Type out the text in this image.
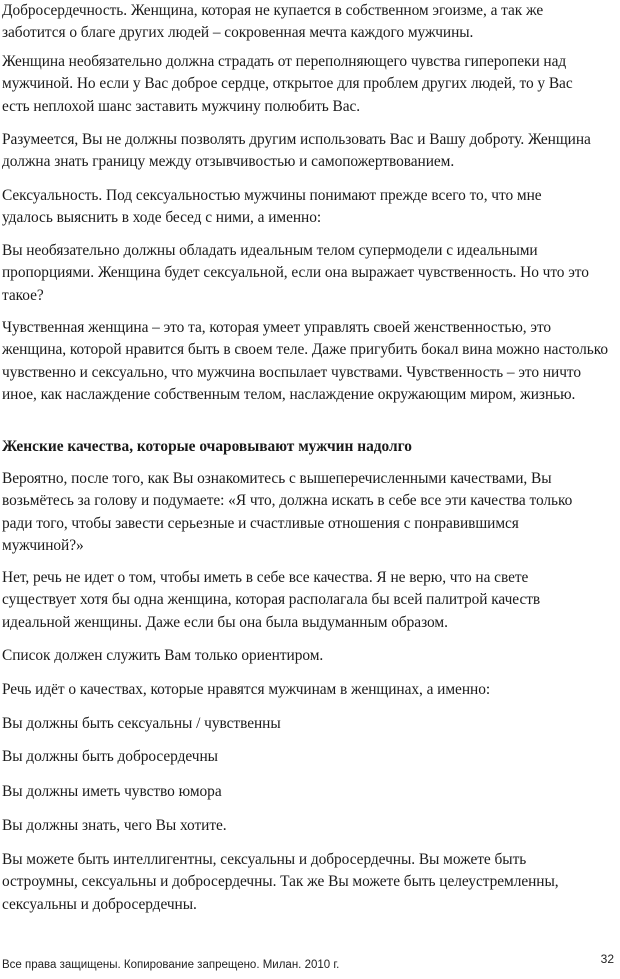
Добросердечность. Женщина, которая не купается в собственном эгоизме, а так же заботится о благе других людей – сокровенная мечта каждого мужчины.

Женщина необязательно должна страдать от переполняющего чувства гиперопеки над мужчиной. Но если у Вас доброе сердце, открытое для проблем других людей, то у Вас есть неплохой шанс заставить мужчину полюбить Вас.

Разумеется, Вы не должны позволять другим использовать Вас и Вашу доброту. Женщина должна знать границу между отзывчивостью и самопожертвованием.

Сексуальность. Под сексуальностью мужчины понимают прежде всего то, что мне удалось выяснить в ходе бесед с ними, а именно:

Вы необязательно должны обладать идеальным телом супермодели с идеальными пропорциями. Женщина будет сексуальной, если она выражает чувственность. Но что это такое?

Чувственная женщина – это та, которая умеет управлять своей женственностью, это женщина, которой нравится быть в своем теле. Даже пригубить бокал вина можно настолько чувственно и сексуально, что мужчина воспылает чувствами. Чувственность – это ничто иное, как наслаждение собственным телом, наслаждение окружающим миром, жизнью.

Женские качества, которые очаровывают мужчин надолго

Вероятно, после того, как Вы ознакомитесь с вышеперечисленными качествами, Вы возьмётесь за голову и подумаете: «Я что, должна искать в себе все эти качества только ради того, чтобы завести серьезные и счастливые отношения с понравившимся мужчиной?»

Нет, речь не идет о том, чтобы иметь в себе все качества. Я не верю, что на свете существует хотя бы одна женщина, которая располагала бы всей палитрой качеств идеальной женщины. Даже если бы она была выдуманным образом.

Список должен служить Вам только ориентиром.

Речь идёт о качествах, которые нравятся мужчинам в женщинах, а именно:

Вы должны быть сексуальны / чувственны

Вы должны быть добросердечны

Вы должны иметь чувство юмора

Вы должны знать, чего Вы хотите.

Вы можете быть интеллигентны, сексуальны и добросердечны. Вы можете быть остроумны, сексуальны и добросердечны. Так же Вы можете быть целеустремленны, сексуальны и добросердечны.

Все права защищены. Копирование запрещено. Милан. 2010 г.	32
